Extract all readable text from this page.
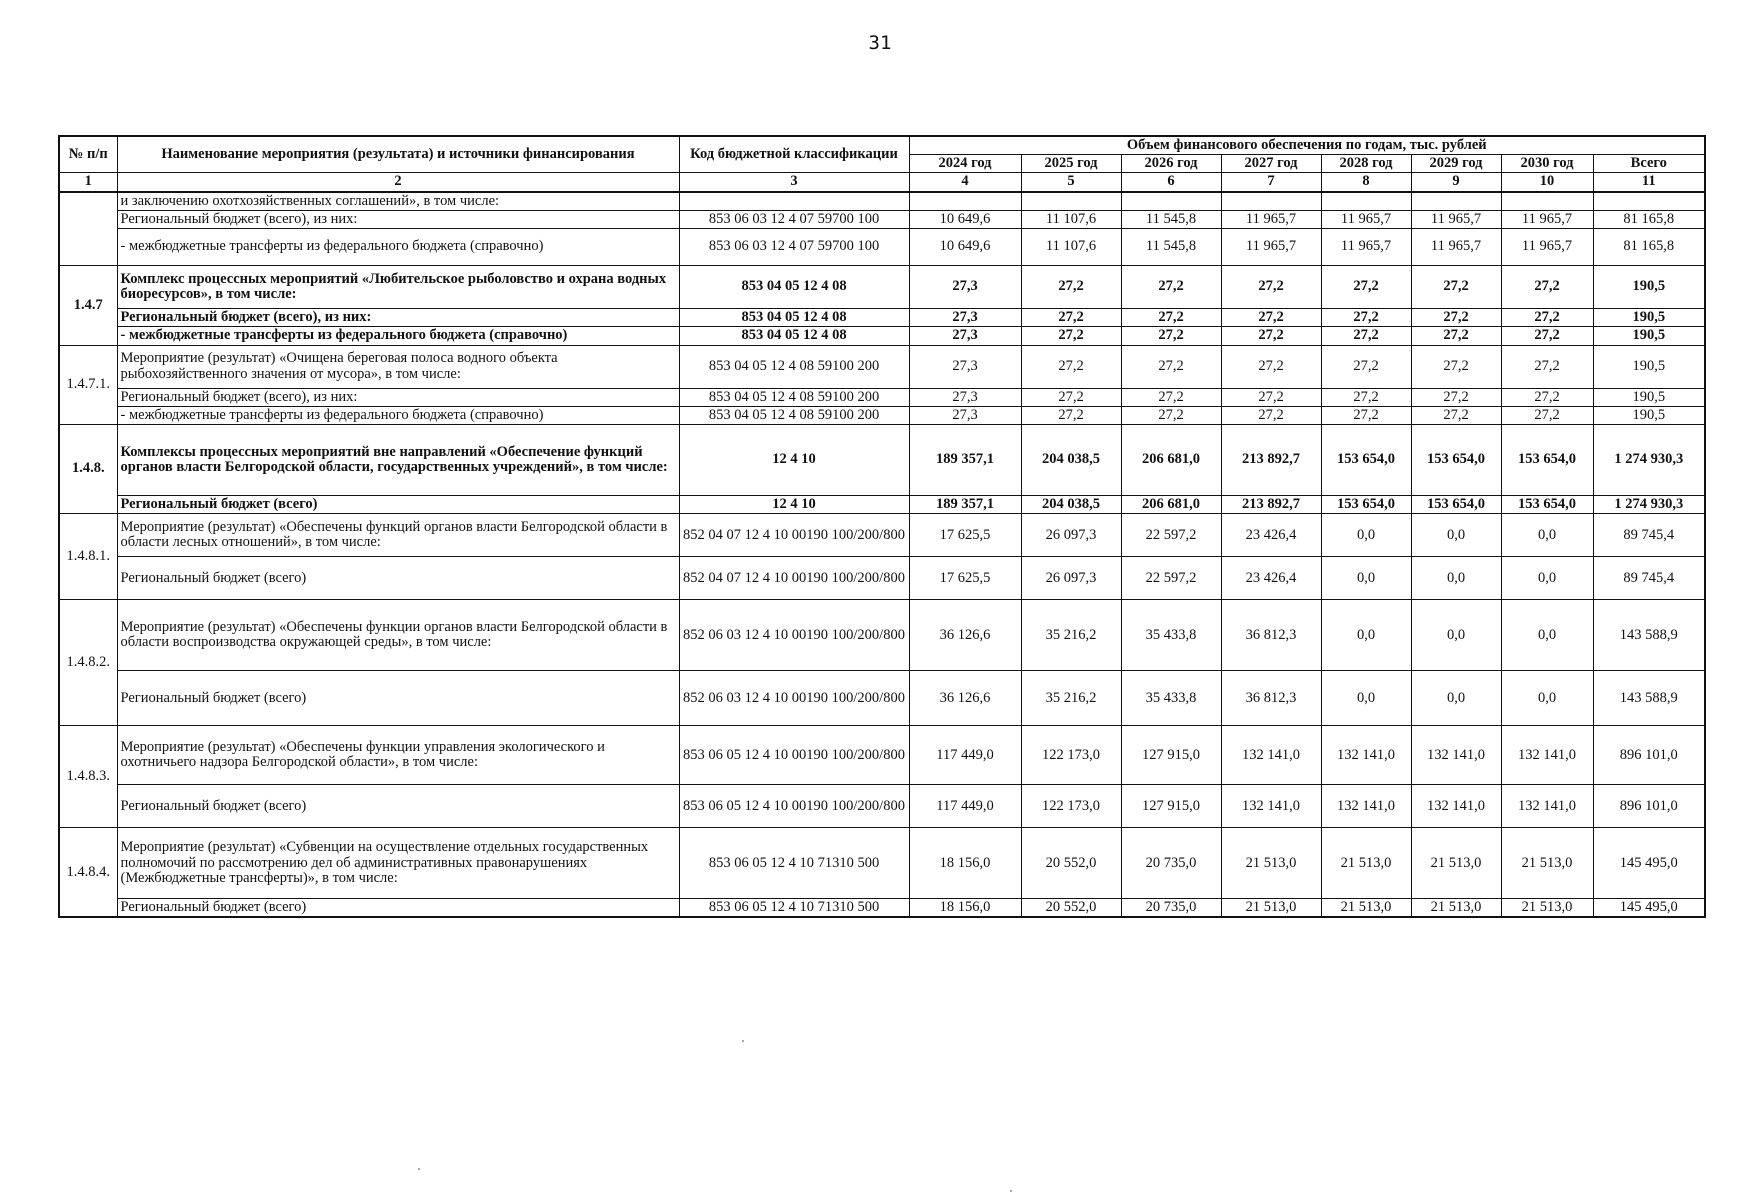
31
№ п/п	Наименование мероприятия (результата) и источники финансирования	Код бюджетной классификации	Объем финансового обеспечения по годам, тыс. рублей							
			2024 год	2025 год	2026 год	2027 год	2028 год	2029 год	2030 год	Всего
1	2	3	4	5	6	7	8	9	10	11
	и заключению охотхозяйственных соглашений», в том числе:									
	Региональный бюджет (всего), из них:	853 06 03 12 4 07 59700 100	10 649,6	11 107,6	11 545,8	11 965,7	11 965,7	11 965,7	11 965,7	81 165,8
	- межбюджетные трансферты из федерального бюджета (справочно)	853 06 03 12 4 07 59700 100	10 649,6	11 107,6	11 545,8	11 965,7	11 965,7	11 965,7	11 965,7	81 165,8
1.4.7	Комплекс процессных мероприятий «Любительское рыболовство и охрана водных биоресурсов», в том числе:	853 04 05 12 4 08	27,3	27,2	27,2	27,2	27,2	27,2	27,2	190,5
	Региональный бюджет (всего), из них:	853 04 05 12 4 08	27,3	27,2	27,2	27,2	27,2	27,2	27,2	190,5
	- межбюджетные трансферты из федерального бюджета (справочно)	853 04 05 12 4 08	27,3	27,2	27,2	27,2	27,2	27,2	27,2	190,5
1.4.7.1.	Мероприятие (результат) «Очищена береговая полоса водного объекта рыбохозяйственного значения от мусора», в том числе:	853 04 05 12 4 08 59100 200	27,3	27,2	27,2	27,2	27,2	27,2	27,2	190,5
	Региональный бюджет (всего), из них:	853 04 05 12 4 08 59100 200	27,3	27,2	27,2	27,2	27,2	27,2	27,2	190,5
	- межбюджетные трансферты из федерального бюджета (справочно)	853 04 05 12 4 08 59100 200	27,3	27,2	27,2	27,2	27,2	27,2	27,2	190,5
1.4.8.	Комплексы процессных мероприятий вне направлений «Обеспечение функций органов власти Белгородской области, государственных учреждений», в том числе:	12 4 10	189 357,1	204 038,5	206 681,0	213 892,7	153 654,0	153 654,0	153 654,0	1 274 930,3
	Региональный бюджет (всего)	12 4 10	189 357,1	204 038,5	206 681,0	213 892,7	153 654,0	153 654,0	153 654,0	1 274 930,3
1.4.8.1.	Мероприятие (результат) «Обеспечены функций органов власти Белгородской области в области лесных отношений», в том числе:	852 04 07 12 4 10 00190 100/200/800	17 625,5	26 097,3	22 597,2	23 426,4	0,0	0,0	0,0	89 745,4
	Региональный бюджет (всего)	852 04 07 12 4 10 00190 100/200/800	17 625,5	26 097,3	22 597,2	23 426,4	0,0	0,0	0,0	89 745,4
1.4.8.2.	Мероприятие (результат) «Обеспечены функции органов власти Белгородской области в области воспроизводства окружающей среды», в том числе:	852 06 03 12 4 10 00190 100/200/800	36 126,6	35 216,2	35 433,8	36 812,3	0,0	0,0	0,0	143 588,9
	Региональный бюджет (всего)	852 06 03 12 4 10 00190 100/200/800	36 126,6	35 216,2	35 433,8	36 812,3	0,0	0,0	0,0	143 588,9
1.4.8.3.	Мероприятие (результат) «Обеспечены функции управления экологического и охотничьего надзора Белгородской области», в том числе:	853 06 05 12 4 10 00190 100/200/800	117 449,0	122 173,0	127 915,0	132 141,0	132 141,0	132 141,0	132 141,0	896 101,0
	Региональный бюджет (всего)	853 06 05 12 4 10 00190 100/200/800	117 449,0	122 173,0	127 915,0	132 141,0	132 141,0	132 141,0	132 141,0	896 101,0
1.4.8.4.	Мероприятие (результат) «Субвенции на осуществление отдельных государственных полномочий по рассмотрению дел об административных правонарушениях (Межбюджетные трансферты)», в том числе:	853 06 05 12 4 10 71310 500	18 156,0	20 552,0	20 735,0	21 513,0	21 513,0	21 513,0	21 513,0	145 495,0
	Региональный бюджет (всего)	853 06 05 12 4 10 71310 500	18 156,0	20 552,0	20 735,0	21 513,0	21 513,0	21 513,0	21 513,0	145 495,0
